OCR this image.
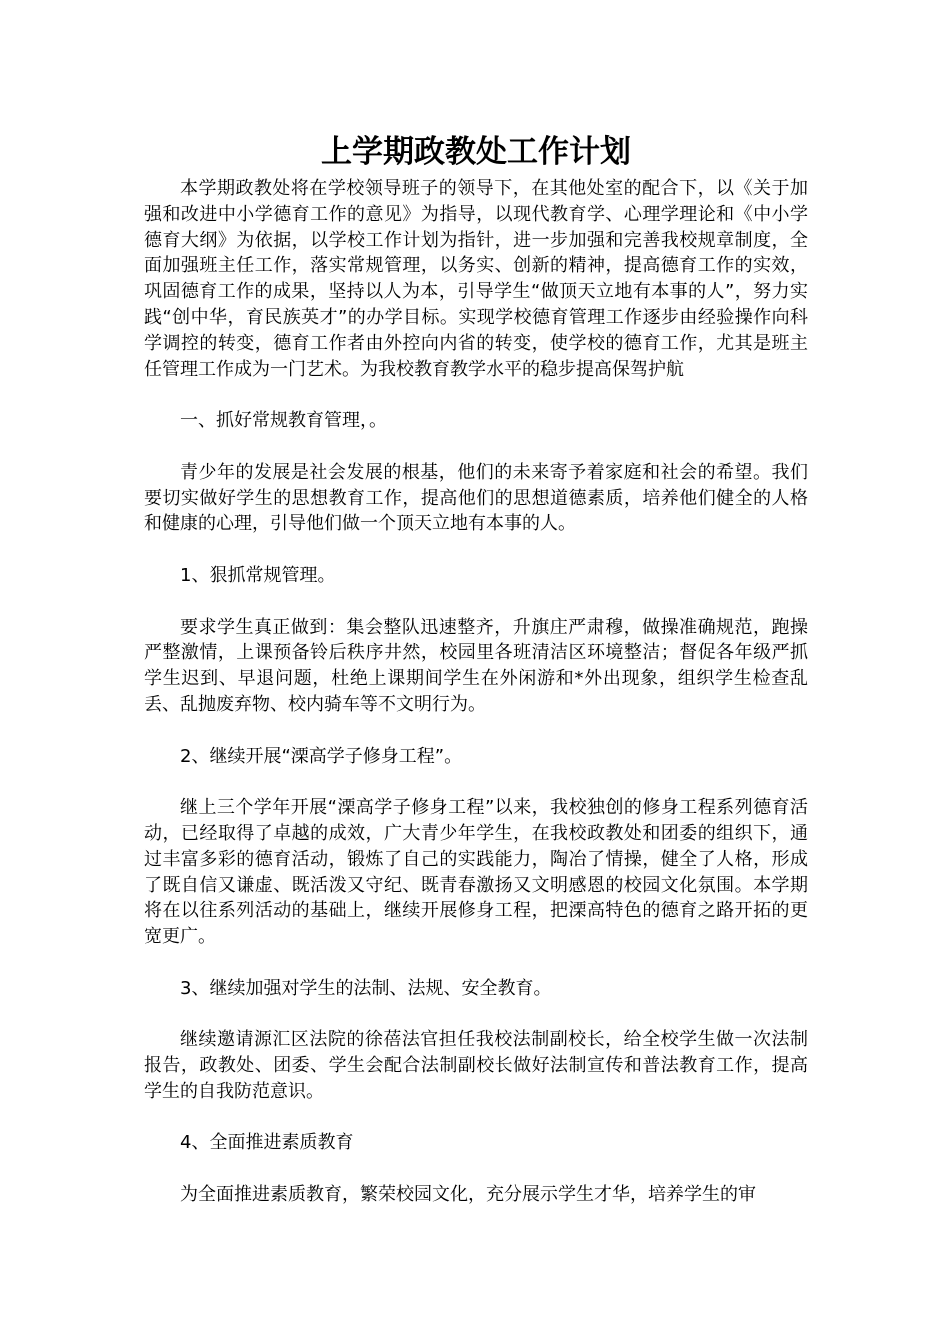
上学期政教处工作计划

本学期政教处将在学校领导班子的领导下，在其他处室的配合下，以《关于加强和改进中小学德育工作的意见》为指导，以现代教育学、心理学理论和《中小学德育大纲》为依据，以学校工作计划为指针，进一步加强和完善我校规章制度，全面加强班主任工作，落实常规管理，以务实、创新的精神，提高德育工作的实效，巩固德育工作的成果，坚持以人为本，引导学生“做顶天立地有本事的人”，努力实践“创中华，育民族英才”的办学目标。实现学校德育管理工作逐步由经验操作向科学调控的转变，德育工作者由外控向内省的转变，使学校的德育工作，尤其是班主任管理工作成为一门艺术。为我校教育教学水平的稳步提高保驾护航

一、抓好常规教育管理，。

青少年的发展是社会发展的根基，他们的未来寄予着家庭和社会的希望。我们要切实做好学生的思想教育工作，提高他们的思想道德素质，培养他们健全的人格和健康的心理，引导他们做一个顶天立地有本事的人。

1、狠抓常规管理。

要求学生真正做到：集会整队迅速整齐，升旗庄严肃穆，做操准确规范，跑操严整激情，上课预备铃后秩序井然，校园里各班清洁区环境整洁；督促各年级严抓学生迟到、早退问题，杜绝上课期间学生在外闲游和*外出现象，组织学生检查乱丢、乱抛废弃物、校内骑车等不文明行为。

2、继续开展“溧高学子修身工程”。

继上三个学年开展“溧高学子修身工程”以来，我校独创的修身工程系列德育活动，已经取得了卓越的成效，广大青少年学生，在我校政教处和团委的组织下，通过丰富多彩的德育活动，锻炼了自己的实践能力，陶冶了情操，健全了人格，形成了既自信又谦虚、既活泼又守纪、既青春激扬又文明感恩的校园文化氛围。本学期将在以往系列活动的基础上，继续开展修身工程，把溧高特色的德育之路开拓的更宽更广。

3、继续加强对学生的法制、法规、安全教育。

继续邀请源汇区法院的徐蓓法官担任我校法制副校长，给全校学生做一次法制报告，政教处、团委、学生会配合法制副校长做好法制宣传和普法教育工作，提高学生的自我防范意识。

4、全面推进素质教育

为全面推进素质教育，繁荣校园文化，充分展示学生才华，培养学生的审
